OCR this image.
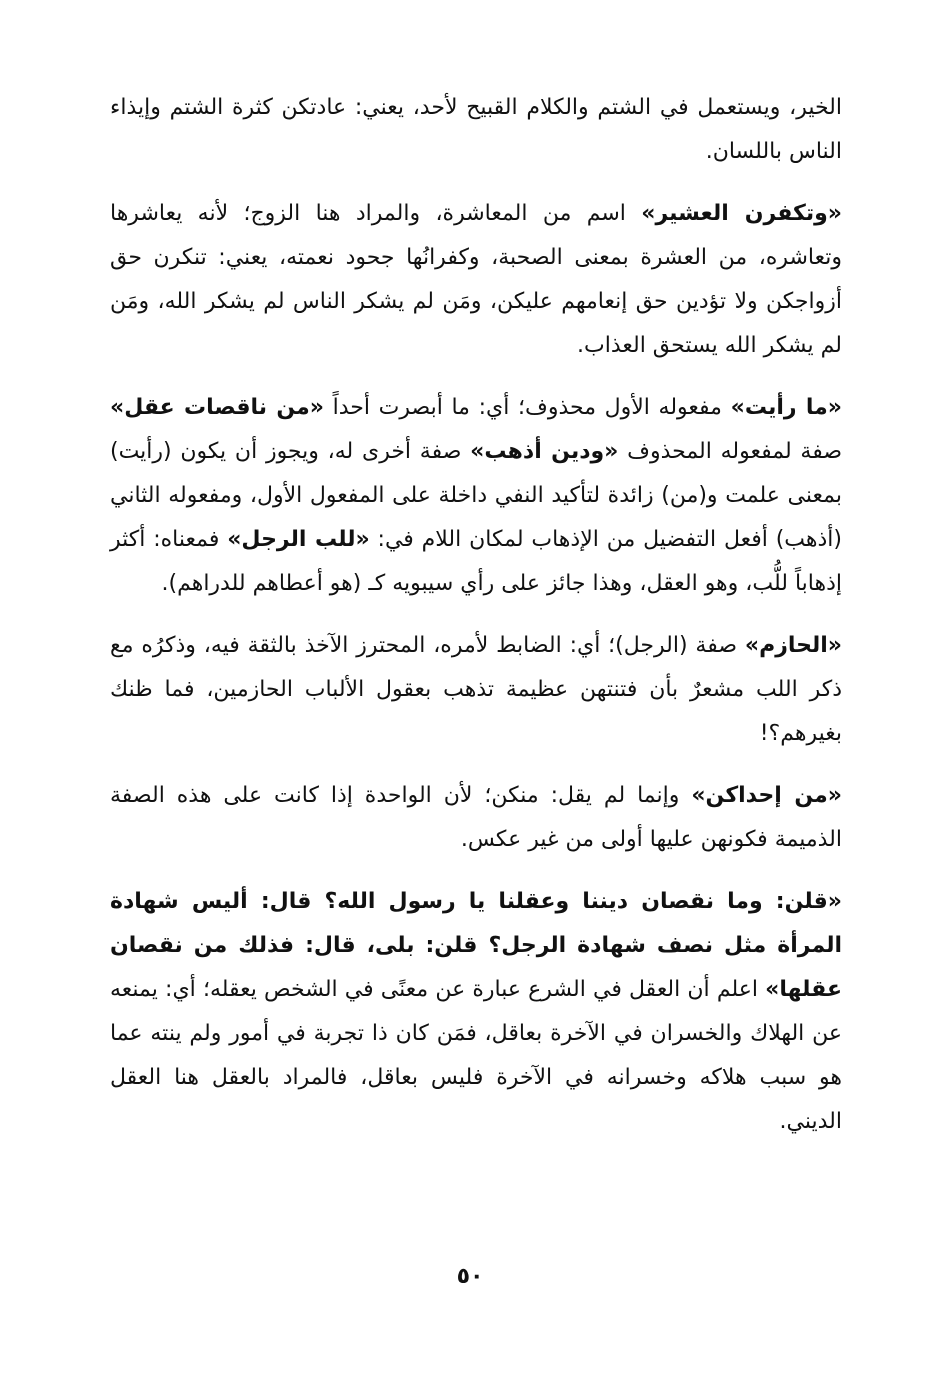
الخير، ويستعمل في الشتم والكلام القبيح لأحد، يعني: عادتكن كثرة الشتم وإيذاء الناس باللسان.

«وتكفرن العشير» اسم من المعاشرة، والمراد هنا الزوج؛ لأنه يعاشرها وتعاشره، من العشرة بمعنى الصحبة، وكفرانُها جحود نعمته، يعني: تنكرن حق أزواجكن ولا تؤدين حق إنعامهم عليكن، ومَن لم يشكر الناس لم يشكر الله، ومَن لم يشكر الله يستحق العذاب.

«ما رأيت» مفعوله الأول محذوف؛ أي: ما أبصرت أحداً «من ناقصات عقل» صفة لمفعوله المحذوف «ودين أذهب» صفة أخرى له، ويجوز أن يكون (رأيت) بمعنى علمت و(من) زائدة لتأكيد النفي داخلة على المفعول الأول، ومفعوله الثاني (أذهب) أفعل التفضيل من الإذهاب لمكان اللام في: «للب الرجل» فمعناه: أكثر إذهاباً للُّب، وهو العقل، وهذا جائز على رأي سيبويه كـ (هو أعطاهم للدراهم).

«الحازم» صفة (الرجل)؛ أي: الضابط لأمره، المحترز الآخذ بالثقة فيه، وذكرُه مع ذكر اللب مشعرٌ بأن فتنتهن عظيمة تذهب بعقول الألباب الحازمين، فما ظنك بغيرهم؟!

«من إحداكن» وإنما لم يقل: منكن؛ لأن الواحدة إذا كانت على هذه الصفة الذميمة فكونهن عليها أولى من غير عكس.

«قلن: وما نقصان ديننا وعقلنا يا رسول الله؟ قال: أليس شهادة المرأة مثل نصف شهادة الرجل؟ قلن: بلى، قال: فذلك من نقصان عقلها» اعلم أن العقل في الشرع عبارة عن معنًى في الشخص يعقله؛ أي: يمنعه عن الهلاك والخسران في الآخرة بعاقل، فمَن كان ذا تجربة في أمور ولم ينته عما هو سبب هلاكه وخسرانه في الآخرة فليس بعاقل، فالمراد بالعقل هنا العقل الديني.

٥٠
